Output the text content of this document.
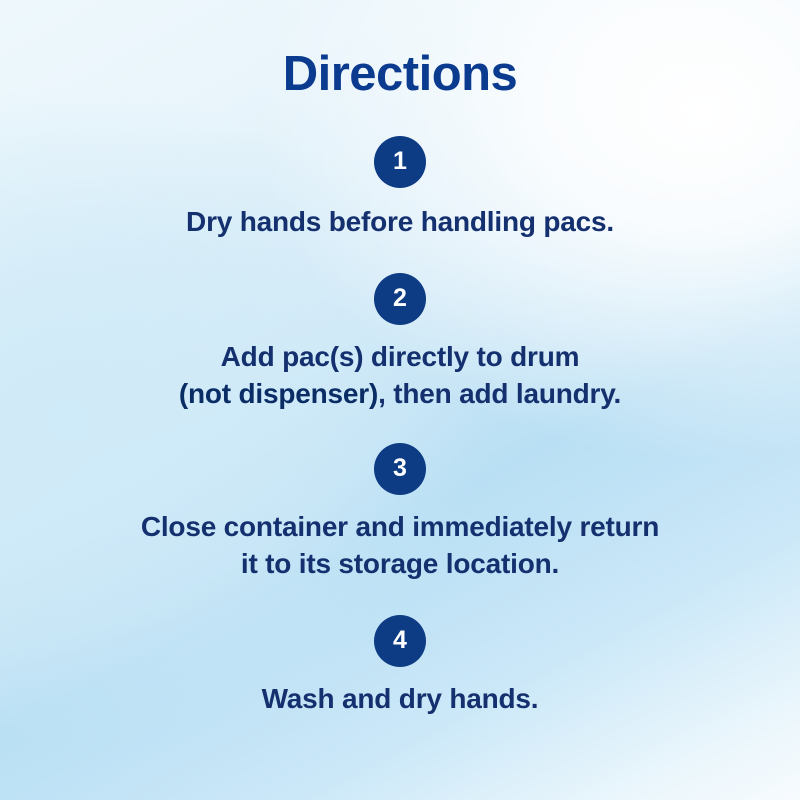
Directions
1

Dry hands before handling pacs.

2

Add pac(s) directly to drum
(not dispenser), then add laundry.

3

Close container and immediately return
it to its storage location.

4

Wash and dry hands.
